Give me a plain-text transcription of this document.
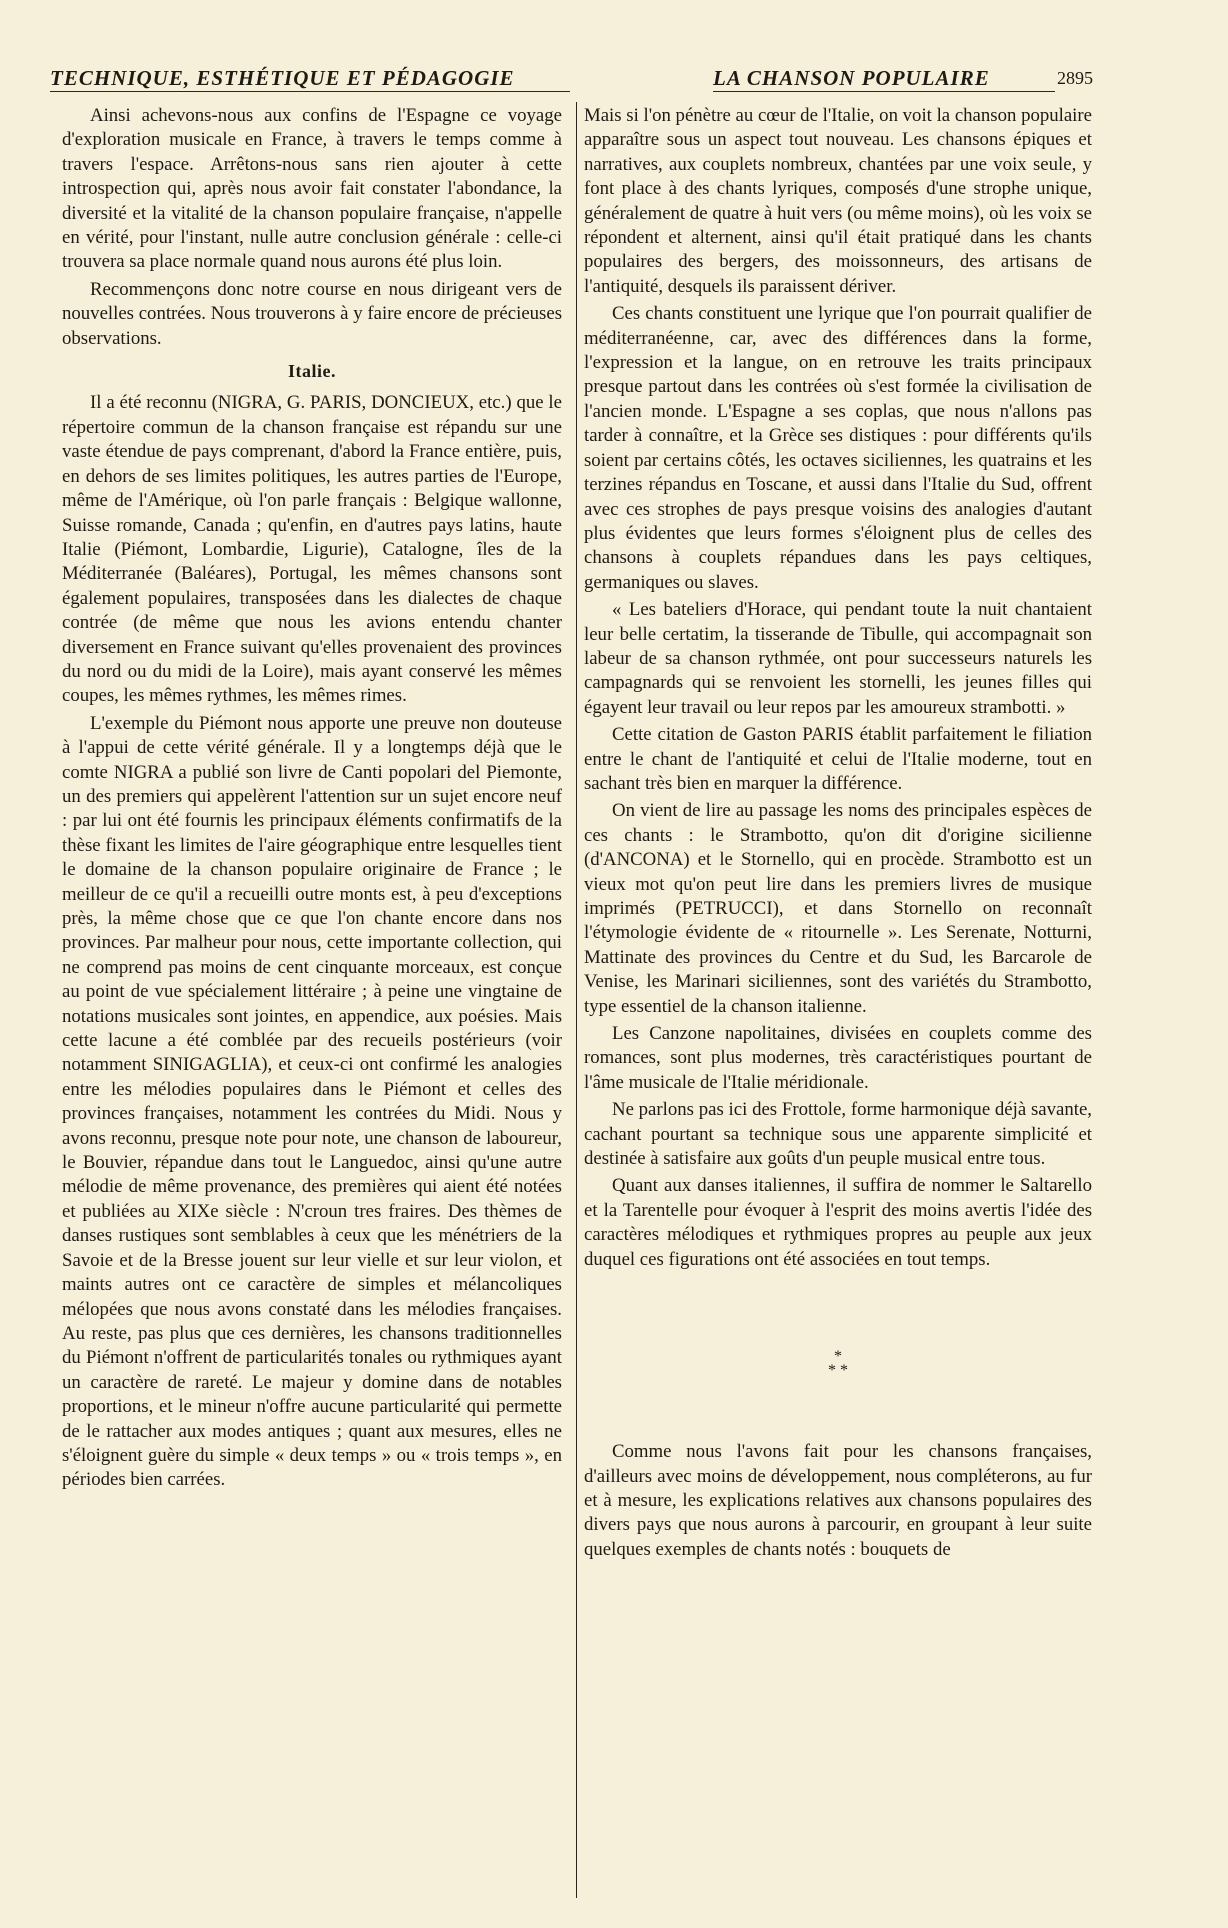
TECHNIQUE, ESTHÉTIQUE ET PÉDAGOGIE	LA CHANSON POPULAIRE	2895

Ainsi achevons-nous aux confins de l'Espagne ce voyage d'exploration musicale en France, à travers le temps comme à travers l'espace. Arrêtons-nous sans rien ajouter à cette introspection qui, après nous avoir fait constater l'abondance, la diversité et la vitalité de la chanson populaire française, n'appelle en vérité, pour l'instant, nulle autre conclusion générale : celle-ci trouvera sa place normale quand nous aurons été plus loin.

Recommençons donc notre course en nous dirigeant vers de nouvelles contrées. Nous trouverons à y faire encore de précieuses observations.

Italie.

Il a été reconnu (NIGRA, G. PARIS, DONCIEUX, etc.) que le répertoire commun de la chanson française est répandu sur une vaste étendue de pays comprenant, d'abord la France entière, puis, en dehors de ses limites politiques, les autres parties de l'Europe, même de l'Amérique, où l'on parle français : Belgique wallonne, Suisse romande, Canada ; qu'enfin, en d'autres pays latins, haute Italie (Piémont, Lombardie, Ligurie), Catalogne, îles de la Méditerranée (Baléares), Portugal, les mêmes chansons sont également populaires, transposées dans les dialectes de chaque contrée (de même que nous les avions entendu chanter diversement en France suivant qu'elles provenaient des provinces du nord ou du midi de la Loire), mais ayant conservé les mêmes coupes, les mêmes rythmes, les mêmes rimes.

L'exemple du Piémont nous apporte une preuve non douteuse à l'appui de cette vérité générale. Il y a longtemps déjà que le comte NIGRA a publié son livre de Canti popolari del Piemonte, un des premiers qui appelèrent l'attention sur un sujet encore neuf : par lui ont été fournis les principaux éléments confirmatifs de la thèse fixant les limites de l'aire géographique entre lesquelles tient le domaine de la chanson populaire originaire de France ; le meilleur de ce qu'il a recueilli outre monts est, à peu d'exceptions près, la même chose que ce que l'on chante encore dans nos provinces. Par malheur pour nous, cette importante collection, qui ne comprend pas moins de cent cinquante morceaux, est conçue au point de vue spécialement littéraire ; à peine une vingtaine de notations musicales sont jointes, en appendice, aux poésies. Mais cette lacune a été comblée par des recueils postérieurs (voir notamment SINIGAGLIA), et ceux-ci ont confirmé les analogies entre les mélodies populaires dans le Piémont et celles des provinces françaises, notamment les contrées du Midi. Nous y avons reconnu, presque note pour note, une chanson de laboureur, le Bouvier, répandue dans tout le Languedoc, ainsi qu'une autre mélodie de même provenance, des premières qui aient été notées et publiées au XIXe siècle : N'croun tres fraires. Des thèmes de danses rustiques sont semblables à ceux que les ménétriers de la Savoie et de la Bresse jouent sur leur vielle et sur leur violon, et maints autres ont ce caractère de simples et mélancoliques mélopées que nous avons constaté dans les mélodies françaises. Au reste, pas plus que ces dernières, les chansons traditionnelles du Piémont n'offrent de particularités tonales ou rythmiques ayant un caractère de rareté. Le majeur y domine dans de notables proportions, et le mineur n'offre aucune particularité qui permette de le rattacher aux modes antiques ; quant aux mesures, elles ne s'éloignent guère du simple « deux temps » ou « trois temps », en périodes bien carrées.

Mais si l'on pénètre au cœur de l'Italie, on voit la chanson populaire apparaître sous un aspect tout nouveau. Les chansons épiques et narratives, aux couplets nombreux, chantées par une voix seule, y font place à des chants lyriques, composés d'une strophe unique, généralement de quatre à huit vers (ou même moins), où les voix se répondent et alternent, ainsi qu'il était pratiqué dans les chants populaires des bergers, des moissonneurs, des artisans de l'antiquité, desquels ils paraissent dériver.

Ces chants constituent une lyrique que l'on pourrait qualifier de méditerranéenne, car, avec des différences dans la forme, l'expression et la langue, on en retrouve les traits principaux presque partout dans les contrées où s'est formée la civilisation de l'ancien monde. L'Espagne a ses coplas, que nous n'allons pas tarder à connaître, et la Grèce ses distiques : pour différents qu'ils soient par certains côtés, les octaves siciliennes, les quatrains et les terzines répandus en Toscane, et aussi dans l'Italie du Sud, offrent avec ces strophes de pays presque voisins des analogies d'autant plus évidentes que leurs formes s'éloignent plus de celles des chansons à couplets répandues dans les pays celtiques, germaniques ou slaves.

« Les bateliers d'Horace, qui pendant toute la nuit chantaient leur belle certatim, la tisserande de Tibulle, qui accompagnait son labeur de sa chanson rythmée, ont pour successeurs naturels les campagnards qui se renvoient les stornelli, les jeunes filles qui égayent leur travail ou leur repos par les amoureux strambotti. »

Cette citation de Gaston PARIS établit parfaitement le filiation entre le chant de l'antiquité et celui de l'Italie moderne, tout en sachant très bien en marquer la différence.

On vient de lire au passage les noms des principales espèces de ces chants : le Strambotto, qu'on dit d'origine sicilienne (d'ANCONA) et le Stornello, qui en procède. Strambotto est un vieux mot qu'on peut lire dans les premiers livres de musique imprimés (PETRUCCI), et dans Stornello on reconnaît l'étymologie évidente de « ritournelle ». Les Serenate, Notturni, Mattinate des provinces du Centre et du Sud, les Barcarole de Venise, les Marinari siciliennes, sont des variétés du Strambotto, type essentiel de la chanson italienne.

Les Canzone napolitaines, divisées en couplets comme des romances, sont plus modernes, très caractéristiques pourtant de l'âme musicale de l'Italie méridionale.

Ne parlons pas ici des Frottole, forme harmonique déjà savante, cachant pourtant sa technique sous une apparente simplicité et destinée à satisfaire aux goûts d'un peuple musical entre tous.

Quant aux danses italiennes, il suffira de nommer le Saltarello et la Tarentelle pour évoquer à l'esprit des moins avertis l'idée des caractères mélodiques et rythmiques propres au peuple aux jeux duquel ces figurations ont été associées en tout temps.

*
* *

Comme nous l'avons fait pour les chansons françaises, d'ailleurs avec moins de développement, nous compléterons, au fur et à mesure, les explications relatives aux chansons populaires des divers pays que nous aurons à parcourir, en groupant à leur suite quelques exemples de chants notés : bouquets de
